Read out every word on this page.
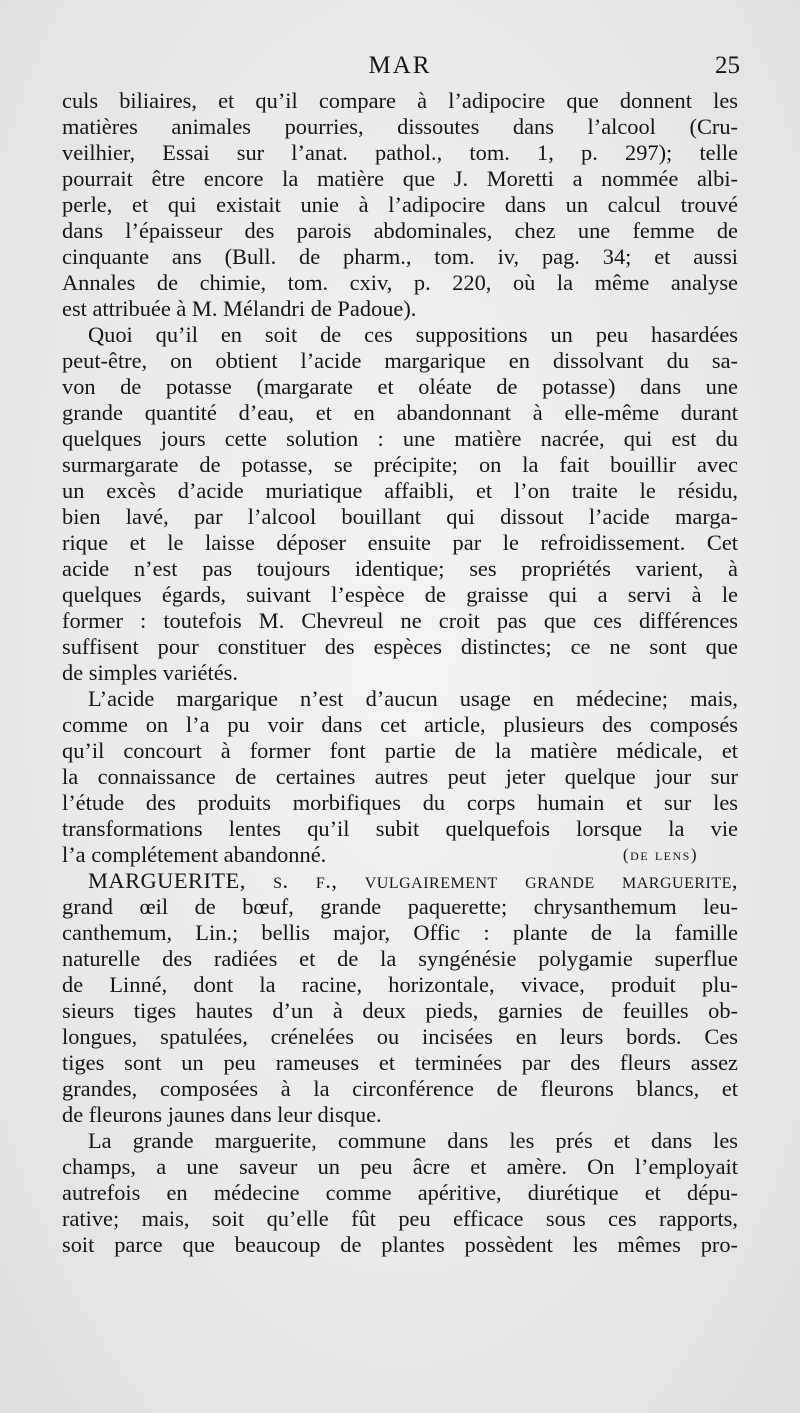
MAR	25
culs biliaires, et qu’il compare à l’adipocire que donnent les
matières animales pourries, dissoutes dans l’alcool (Cru-
veilhier, Essai sur l’anat. pathol., tom. 1, p. 297); telle
pourrait être encore la matière que J. Moretti a nommée albi-
perle, et qui existait unie à l’adipocire dans un calcul trouvé
dans l’épaisseur des parois abdominales, chez une femme de
cinquante ans (Bull. de pharm., tom. iv, pag. 34; et aussi
Annales de chimie, tom. cxiv, p. 220, où la même analyse
est attribuée à M. Mélandri de Padoue).
Quoi qu’il en soit de ces suppositions un peu hasardées
peut-être, on obtient l’acide margarique en dissolvant du sa-
von de potasse (margarate et oléate de potasse) dans une
grande quantité d’eau, et en abandonnant à elle-même durant
quelques jours cette solution : une matière nacrée, qui est du
surmargarate de potasse, se précipite; on la fait bouillir avec
un excès d’acide muriatique affaibli, et l’on traite le résidu,
bien lavé, par l’alcool bouillant qui dissout l’acide marga-
rique et le laisse déposer ensuite par le refroidissement. Cet
acide n’est pas toujours identique; ses propriétés varient, à
quelques égards, suivant l’espèce de graisse qui a servi à le
former : toutefois M. Chevreul ne croit pas que ces différences
suffisent pour constituer des espèces distinctes; ce ne sont que
de simples variétés.
L’acide margarique n’est d’aucun usage en médecine; mais,
comme on l’a pu voir dans cet article, plusieurs des composés
qu’il concourt à former font partie de la matière médicale, et
la connaissance de certaines autres peut jeter quelque jour sur
l’étude des produits morbifiques du corps humain et sur les
transformations lentes qu’il subit quelquefois lorsque la vie
l’a complétement abandonné.	(de lens)
MARGUERITE, s. f., vulgairement grande marguerite,
grand œil de bœuf, grande paquerette; chrysanthemum leu-
canthemum, Lin.; bellis major, Offic : plante de la famille
naturelle des radiées et de la syngénésie polygamie superflue
de Linné, dont la racine, horizontale, vivace, produit plu-
sieurs tiges hautes d’un à deux pieds, garnies de feuilles ob-
longues, spatulées, crénelées ou incisées en leurs bords. Ces
tiges sont un peu rameuses et terminées par des fleurs assez
grandes, composées à la circonférence de fleurons blancs, et
de fleurons jaunes dans leur disque.
La grande marguerite, commune dans les prés et dans les
champs, a une saveur un peu âcre et amère. On l’employait
autrefois en médecine comme apéritive, diurétique et dépu-
rative; mais, soit qu’elle fût peu efficace sous ces rapports,
soit parce que beaucoup de plantes possèdent les mêmes pro-
